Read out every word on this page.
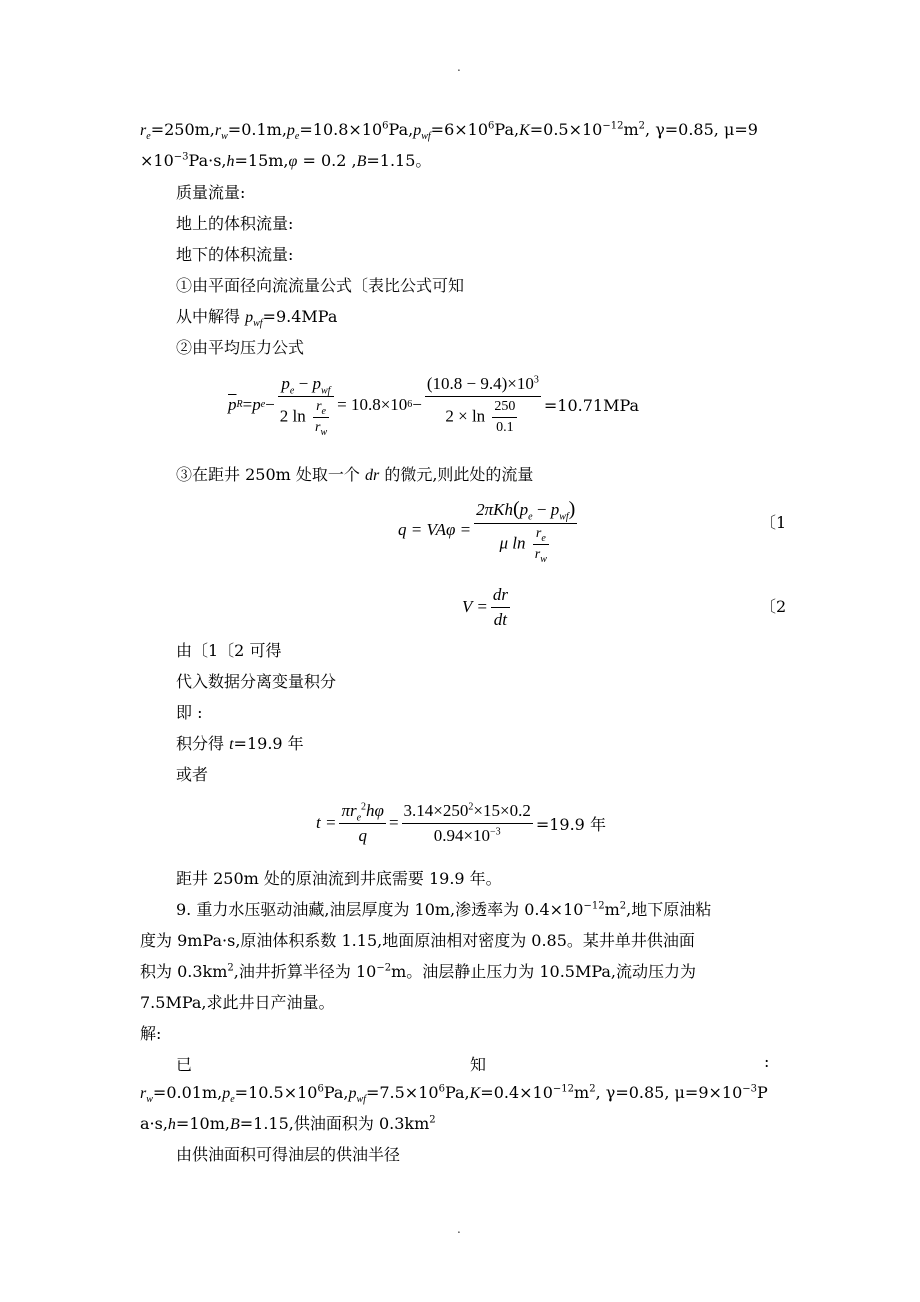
.
$r_e=250m,r_w=0.1m,p_e=10.8\times 10^6Pa,p_{wf}=6\times 10^6Pa,K=0.5\times 10^{-12}m^2$, γ=0.85, μ=9
$\times 10^{-3}Pa\cdot s,h=15m,\varphi = 0.2$ ,B=1.15。
质量流量:
地上的体积流量:
地下的体积流量:
①由平面径向流流量公式〔表比公式可知
从中解得 $p_{wf}=9.4MPa$
②由平均压力公式
$\overline{p}$ R = p $e - \frac{p_e - p_{wf}}{2 \ln \frac{r_e}{r_w}} = 10.8\times 10$ $6 - \frac{(10.8 - 9.4)\times 10^3}{2 \times \ln \frac{250}{0.1}} =10.71MPa$
③在距井 250m 处取一个 dr 的微元,则此处的流量
$q = VA\varphi = \frac{2\pi Kh(p_e - p_{wf})}{\mu \ln \frac{r_e}{r_w}}$	〔1
$V = \frac{dr}{dt}$	〔2
由〔1〔2 可得
代入数据分离变量积分
即 :
积分得 t=19.9 年
或者
$t = \frac{\pi r_e^2h\varphi}{q} = \frac{3.14\times 250^2\times 15\times 0.2}{0.94\times 10^{-3}} =19.9$ 年
距井 250m 处的原油流到井底需要 19.9 年。
9. 重力水压驱动油藏,油层厚度为 10m,渗透率为 $0.4\times 10^{-12}m^2$,地下原油粘
度为 9mPa·s,原油体积系数 1.15,地面原油相对密度为 0.85。某井单井供油面
积为 $0.3km^2$,油井折算半径为 $10^{-2}m$。油层静止压力为 10.5MPa,流动压力为
7.5MPa,求此井日产油量。
解:
已	知	:
$r_w=0.01m,p_e=10.5\times 10^6Pa,p_{wf}=7.5\times 10^6Pa,K=0.4\times 10^{-12}m^2$, γ=0.85, $\mu=9\times 10^{-3}P$
a·s,h=10m,B=1.15,供油面积为 $0.3km^2$
由供油面积可得油层的供油半径
.
